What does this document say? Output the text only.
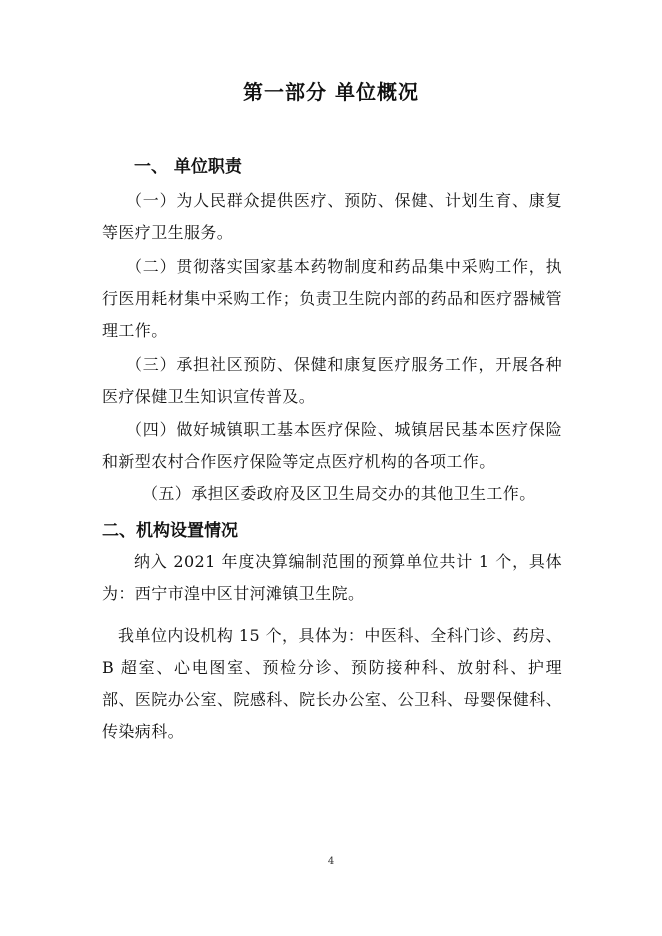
第一部分 单位概况
一、 单位职责
（一）为人民群众提供医疗、预防、保健、计划生育、康复等医疗卫生服务。
（二）贯彻落实国家基本药物制度和药品集中采购工作，执行医用耗材集中采购工作；负责卫生院内部的药品和医疗器械管理工作。
（三）承担社区预防、保健和康复医疗服务工作，开展各种医疗保健卫生知识宣传普及。
（四）做好城镇职工基本医疗保险、城镇居民基本医疗保险和新型农村合作医疗保险等定点医疗机构的各项工作。
（五）承担区委政府及区卫生局交办的其他卫生工作。
二、机构设置情况
纳入 2021 年度决算编制范围的预算单位共计 1 个，具体为：西宁市湟中区甘河滩镇卫生院。
我单位内设机构 15 个，具体为：中医科、全科门诊、药房、B 超室、心电图室、预检分诊、预防接种科、放射科、护理部、医院办公室、院感科、院长办公室、公卫科、母婴保健科、传染病科。
4
